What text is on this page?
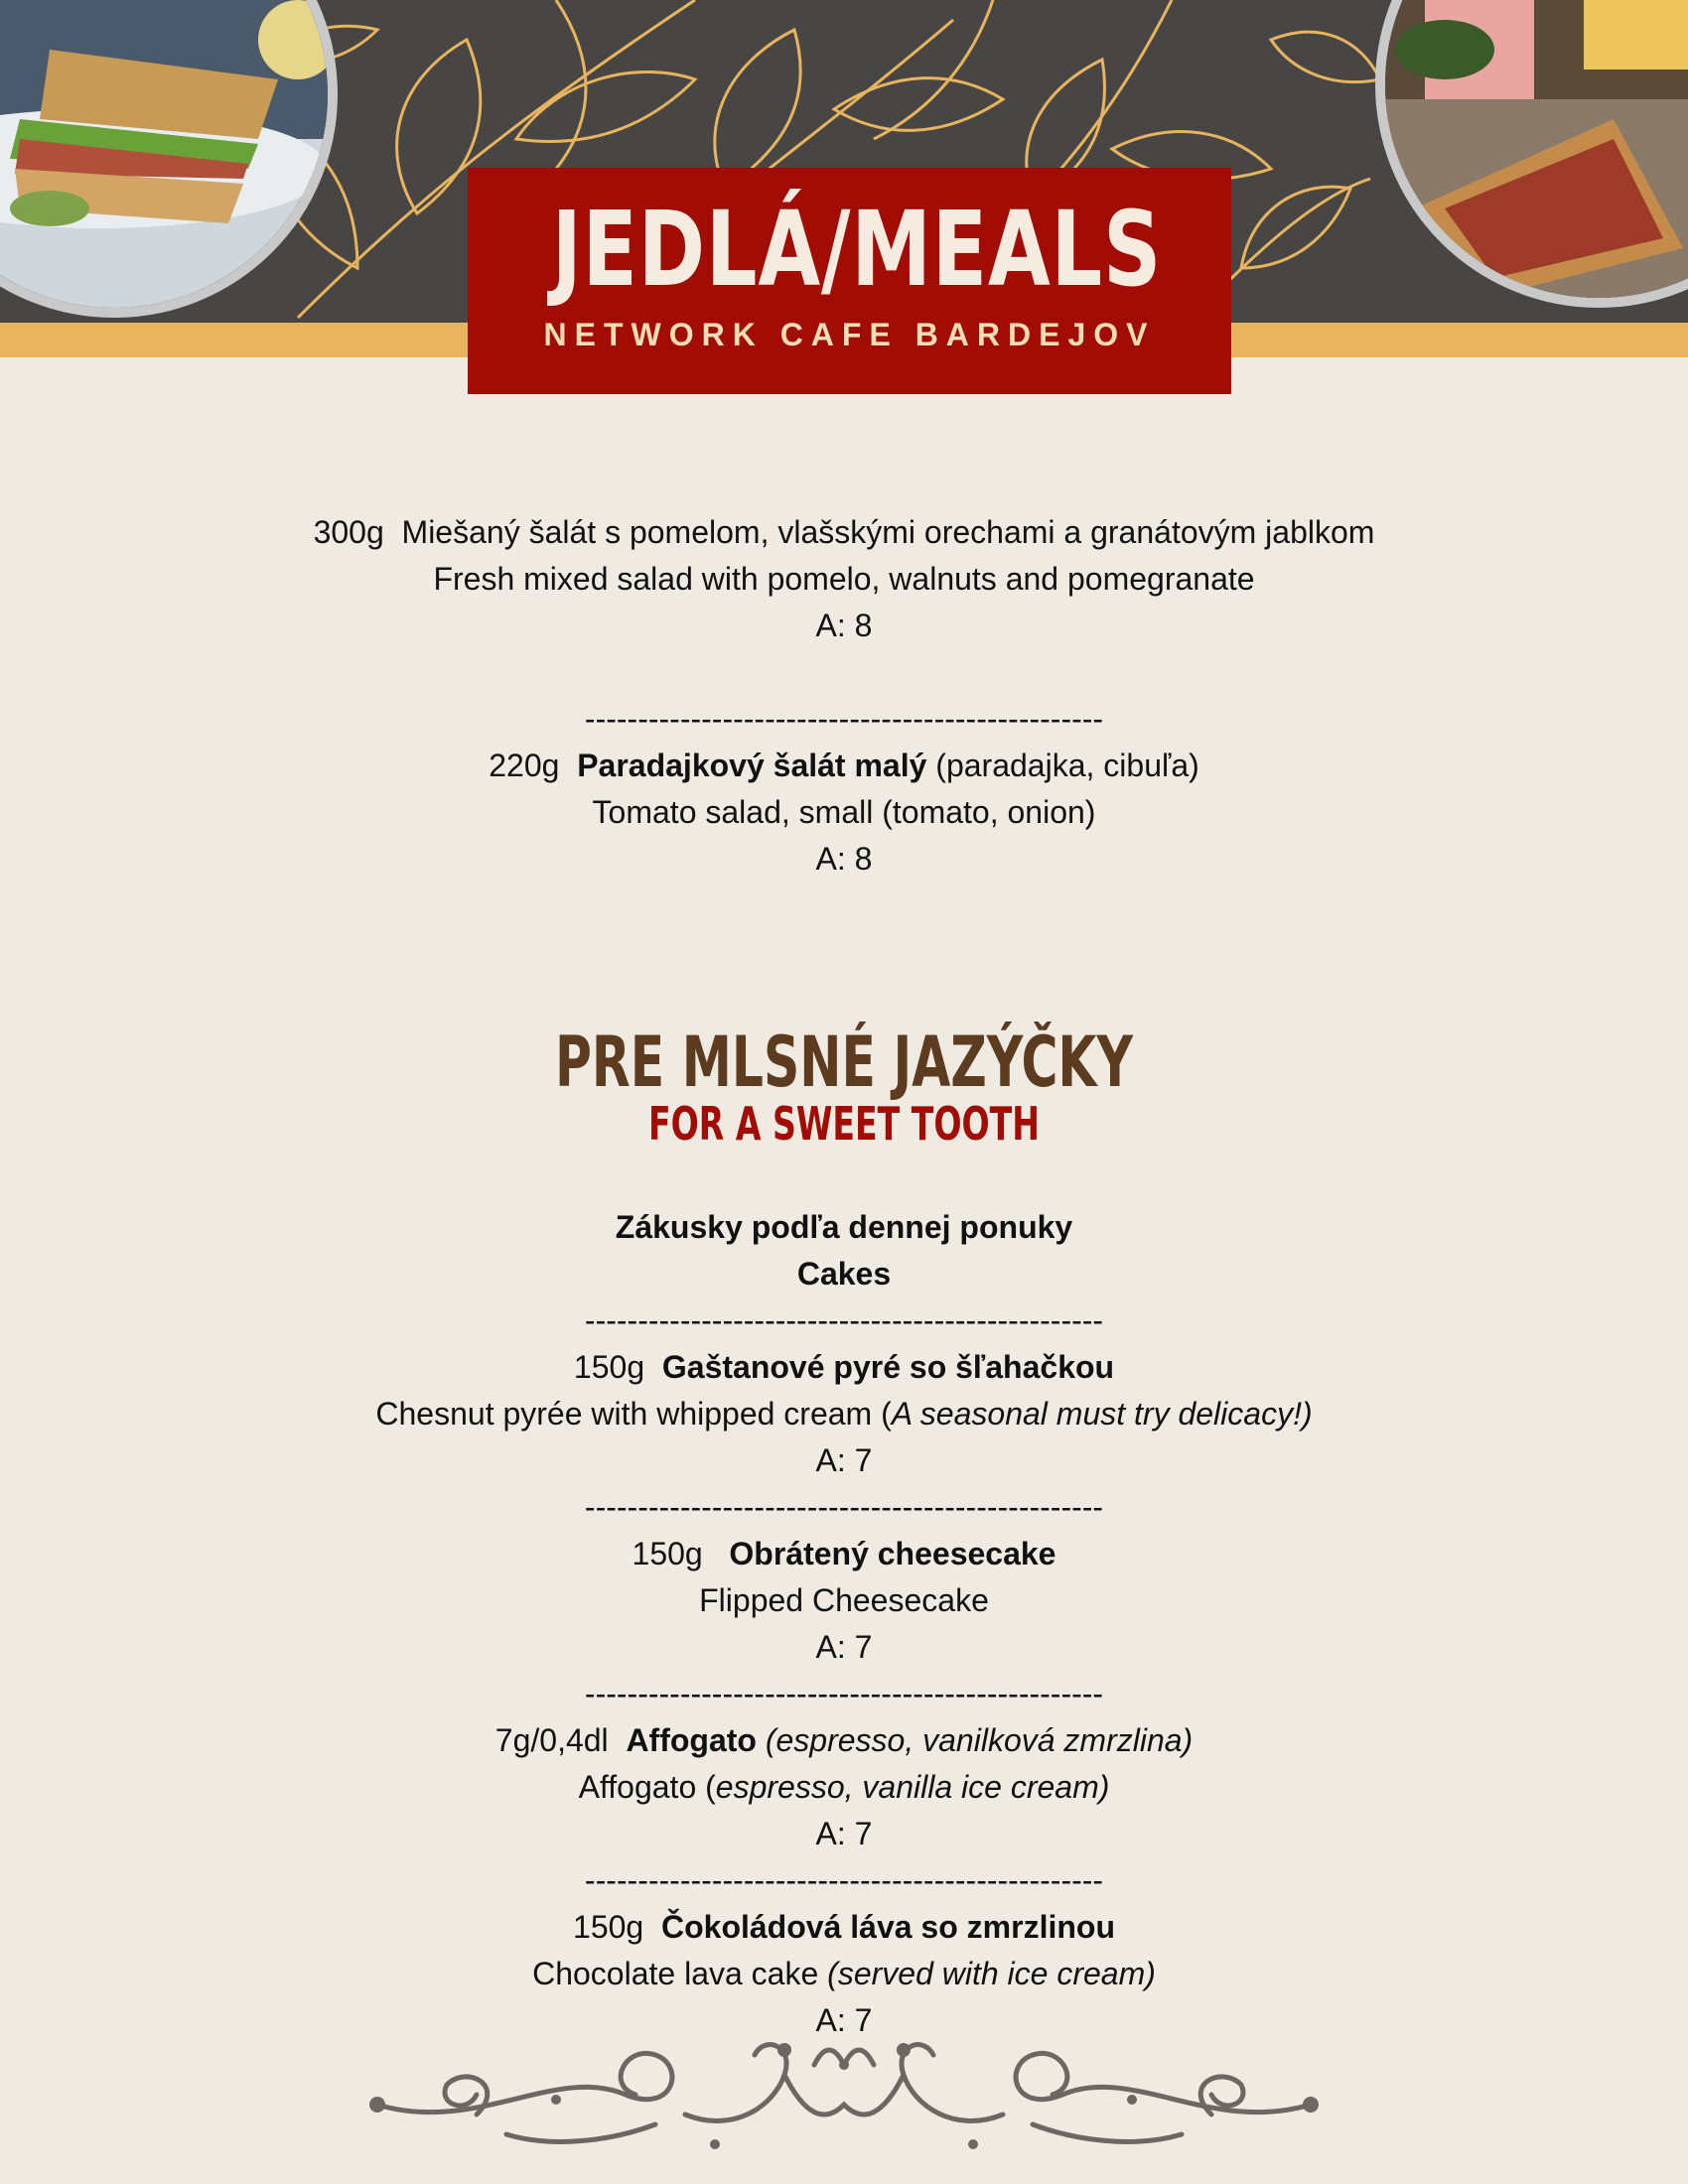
JEDLÁ/MEALS
NETWORK CAFE BARDEJOV
300g Miešaný šalát s pomelom, vlašskými orechami a granátovým jablkom
Fresh mixed salad with pomelo, walnuts and pomegranate
A: 8
-------------------------------------------------
220g Paradajkový šalát malý (paradajka, cibuľa)
Tomato salad, small (tomato, onion)
A: 8
PRE MLSNÉ JAZÝČKY
FOR A SWEET TOOTH
Zákusky podľa dennej ponuky
Cakes
-------------------------------------------------
150g Gaštanové pyré so šľahačkou
Chesnut pyrée with whipped cream (A seasonal must try delicacy!)
A: 7
-------------------------------------------------
150g Obrátený cheesecake
Flipped Cheesecake
A: 7
-------------------------------------------------
7g/0,4dl Affogato (espresso, vanilková zmrzlina)
Affogato (espresso, vanilla ice cream)
A: 7
-------------------------------------------------
150g Čokoládová láva so zmrzlinou
Chocolate lava cake (served with ice cream)
A: 7
